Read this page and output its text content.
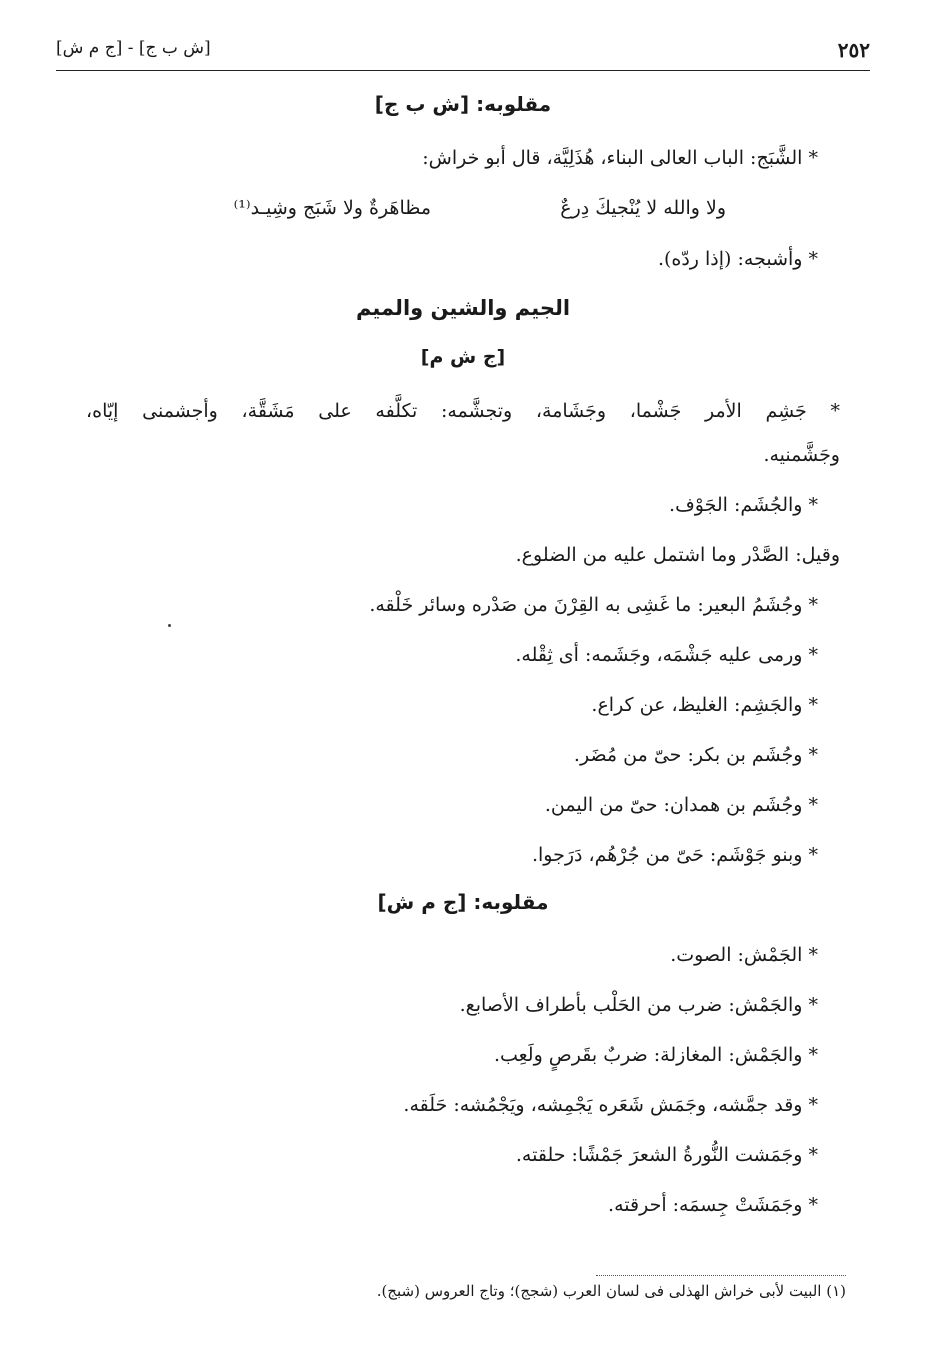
٢٥٢
[ش ب ج] - [ج م ش]
مقلوبه: [ش ب ج]
* الشَّبَج: الباب العالى البناء، هُذَلِيَّة، قال أبو خراش:
ولا والله لا يُنْجيكَ دِرعٌ
مظاهَرةٌ ولا شَبَج وشِيـد⁽¹⁾
* وأشبجه: (إذا ردّه).
الجيم والشين والميم
[ج ش م]
* جَشِم الأمر جَشْما، وجَشَامة، وتجشَّمه: تكلَّفه على مَشَقَّة، وأجشمنى إيّاه،
وجَشَّمنيه.
* والجُشَم: الجَوْف.
وقيل: الصَّدْر وما اشتمل عليه من الضلوع.
* وجُشَمُ البعير: ما غَشِى به القِرْنَ من صَدْره وسائر خَلْقه.
* ورمى عليه جَشْمَه، وجَشَمه: أى ثِقْله.
* والجَشِم: الغليظ، عن كراع.
* وجُشَم بن بكر: حىّ من مُضَر.
* وجُشَم بن همدان: حىّ من اليمن.
* وبنو جَوْشَم: حَىّ من جُرْهُم، دَرَجوا.
مقلوبه: [ج م ش]
* الجَمْش: الصوت.
* والجَمْش: ضرب من الحَلْب بأطراف الأصابع.
* والجَمْش: المغازلة: ضربٌ بقَرصٍ ولَعِب.
* وقد جمَّشه، وجَمَش شَعَره يَجْمِشه، ويَجْمُشه: حَلَقه.
* وجَمَشت النُّورةُ الشعرَ جَمْشًا: حلقته.
* وجَمَشَتْ جِسمَه: أحرقته.
(١) البيت لأبى خراش الهذلى فى لسان العرب (شجج)؛ وتاج العروس (شبج).
